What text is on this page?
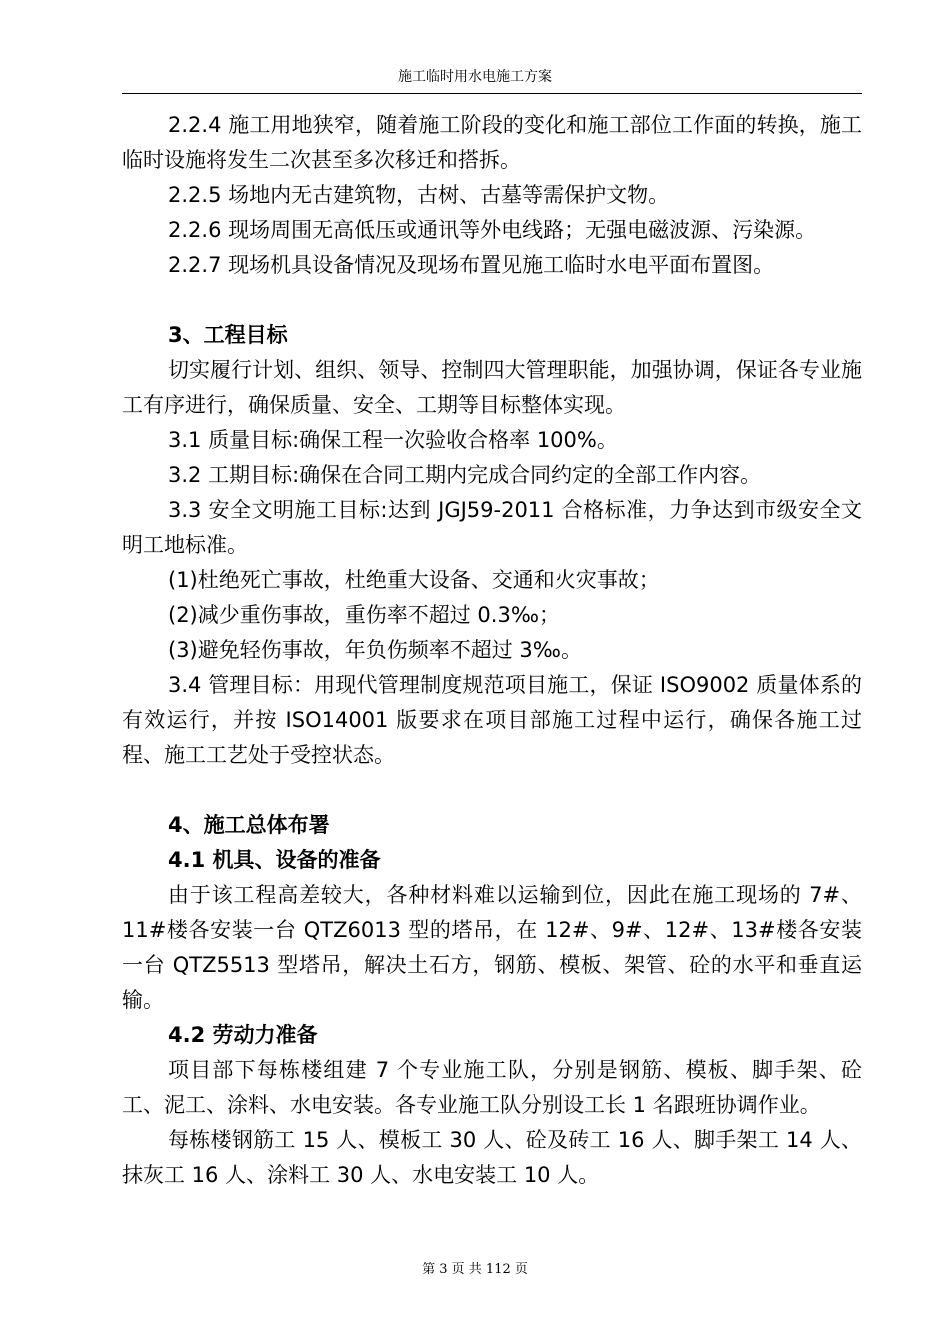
施工临时用水电施工方案

2.2.4 施工用地狭窄，随着施工阶段的变化和施工部位工作面的转换，施工临时设施将发生二次甚至多次移迁和搭拆。

2.2.5 场地内无古建筑物，古树、古墓等需保护文物。

2.2.6 现场周围无高低压或通讯等外电线路；无强电磁波源、污染源。

2.2.7 现场机具设备情况及现场布置见施工临时水电平面布置图。

3、工程目标

切实履行计划、组织、领导、控制四大管理职能，加强协调，保证各专业施工有序进行，确保质量、安全、工期等目标整体实现。

3.1 质量目标:确保工程一次验收合格率 100%。

3.2 工期目标:确保在合同工期内完成合同约定的全部工作内容。

3.3 安全文明施工目标:达到 JGJ59-2011 合格标准，力争达到市级安全文明工地标准。

(1)杜绝死亡事故，杜绝重大设备、交通和火灾事故；

(2)减少重伤事故，重伤率不超过 0.3‰；

(3)避免轻伤事故，年负伤频率不超过 3‰。

3.4 管理目标：用现代管理制度规范项目施工，保证 ISO9002 质量体系的有效运行，并按 ISO14001 版要求在项目部施工过程中运行，确保各施工过程、施工工艺处于受控状态。

4、施工总体布署

4.1 机具、设备的准备

由于该工程高差较大，各种材料难以运输到位，因此在施工现场的 7#、11#楼各安装一台 QTZ6013 型的塔吊，在 12#、9#、12#、13#楼各安装一台 QTZ5513 型塔吊，解决土石方，钢筋、模板、架管、砼的水平和垂直运输。

4.2 劳动力准备

项目部下每栋楼组建 7 个专业施工队，分别是钢筋、模板、脚手架、砼工、泥工、涂料、水电安装。各专业施工队分别设工长 1 名跟班协调作业。

每栋楼钢筋工 15 人、模板工 30 人、砼及砖工 16 人、脚手架工 14 人、抹灰工 16 人、涂料工 30 人、水电安装工 10 人。

第 3 页 共 112 页
